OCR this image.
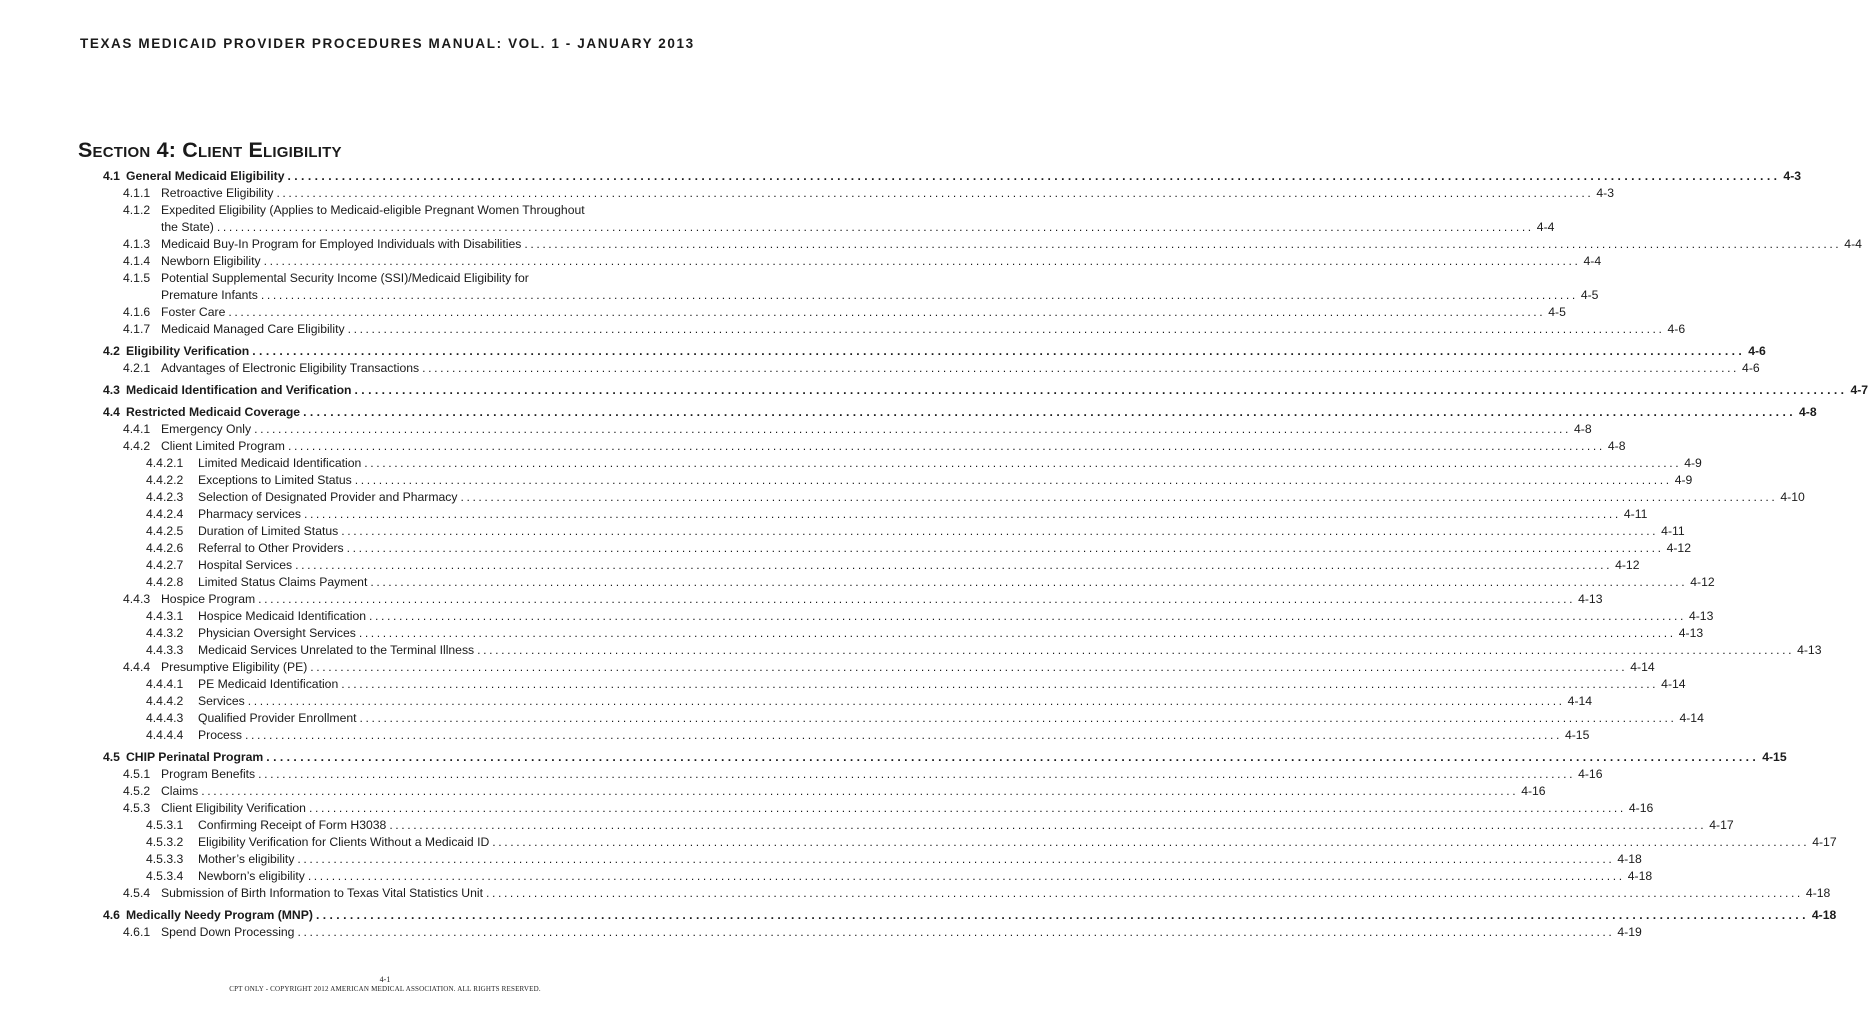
TEXAS MEDICAID PROVIDER PROCEDURES MANUAL: VOL. 1 - JANUARY 2013
Section 4: Client Eligibility
4.1 General Medicaid Eligibility ............................................................................................................................................................................................................................ 4-3
4.1.1 Retroactive Eligibility ............................................................................................................................................................................................................................ 4-3
4.1.2 Expedited Eligibility (Applies to Medicaid-eligible Pregnant Women Throughout
the State) ............................................................................................................................................................................................................................ 4-4
4.1.3 Medicaid Buy-In Program for Employed Individuals with Disabilities ............................................................................................................................................................................................................................ 4-4
4.1.4 Newborn Eligibility ............................................................................................................................................................................................................................ 4-4
4.1.5 Potential Supplemental Security Income (SSI)/Medicaid Eligibility for
Premature Infants ............................................................................................................................................................................................................................ 4-5
4.1.6 Foster Care ............................................................................................................................................................................................................................ 4-5
4.1.7 Medicaid Managed Care Eligibility ............................................................................................................................................................................................................................ 4-6
4.2 Eligibility Verification ............................................................................................................................................................................................................................ 4-6
4.2.1 Advantages of Electronic Eligibility Transactions ............................................................................................................................................................................................................................ 4-6
4.3 Medicaid Identification and Verification ............................................................................................................................................................................................................................ 4-7
4.4 Restricted Medicaid Coverage ............................................................................................................................................................................................................................ 4-8
4.4.1 Emergency Only ............................................................................................................................................................................................................................ 4-8
4.4.2 Client Limited Program ............................................................................................................................................................................................................................ 4-8
4.4.2.1	Limited Medicaid Identification ............................................................................................................................................................................................................................ 4-9
4.4.2.2	Exceptions to Limited Status ............................................................................................................................................................................................................................ 4-9
4.4.2.3	Selection of Designated Provider and Pharmacy ............................................................................................................................................................................................................................ 4-10
4.4.2.4	Pharmacy services ............................................................................................................................................................................................................................ 4-11
4.4.2.5	Duration of Limited Status ............................................................................................................................................................................................................................ 4-11
4.4.2.6	Referral to Other Providers ............................................................................................................................................................................................................................ 4-12
4.4.2.7	Hospital Services ............................................................................................................................................................................................................................ 4-12
4.4.2.8	Limited Status Claims Payment ............................................................................................................................................................................................................................ 4-12
4.4.3 Hospice Program ............................................................................................................................................................................................................................ 4-13
4.4.3.1	Hospice Medicaid Identification ............................................................................................................................................................................................................................ 4-13
4.4.3.2	Physician Oversight Services ............................................................................................................................................................................................................................ 4-13
4.4.3.3	Medicaid Services Unrelated to the Terminal Illness ............................................................................................................................................................................................................................ 4-13
4.4.4 Presumptive Eligibility (PE) ............................................................................................................................................................................................................................ 4-14
4.4.4.1	PE Medicaid Identification ............................................................................................................................................................................................................................ 4-14
4.4.4.2	Services ............................................................................................................................................................................................................................ 4-14
4.4.4.3	Qualified Provider Enrollment ............................................................................................................................................................................................................................ 4-14
4.4.4.4	Process ............................................................................................................................................................................................................................ 4-15
4.5 CHIP Perinatal Program ............................................................................................................................................................................................................................ 4-15
4.5.1 Program Benefits ............................................................................................................................................................................................................................ 4-16
4.5.2 Claims ............................................................................................................................................................................................................................ 4-16
4.5.3 Client Eligibility Verification ............................................................................................................................................................................................................................ 4-16
4.5.3.1	Confirming Receipt of Form H3038 ............................................................................................................................................................................................................................ 4-17
4.5.3.2	Eligibility Verification for Clients Without a Medicaid ID ............................................................................................................................................................................................................................ 4-17
4.5.3.3	Mother’s eligibility ............................................................................................................................................................................................................................ 4-18
4.5.3.4	Newborn’s eligibility ............................................................................................................................................................................................................................ 4-18
4.5.4 Submission of Birth Information to Texas Vital Statistics Unit ............................................................................................................................................................................................................................ 4-18
4.6 Medically Needy Program (MNP) ............................................................................................................................................................................................................................ 4-18
4.6.1 Spend Down Processing ............................................................................................................................................................................................................................ 4-19
4-1
CPT ONLY - COPYRIGHT 2012 AMERICAN MEDICAL ASSOCIATION. ALL RIGHTS RESERVED.
